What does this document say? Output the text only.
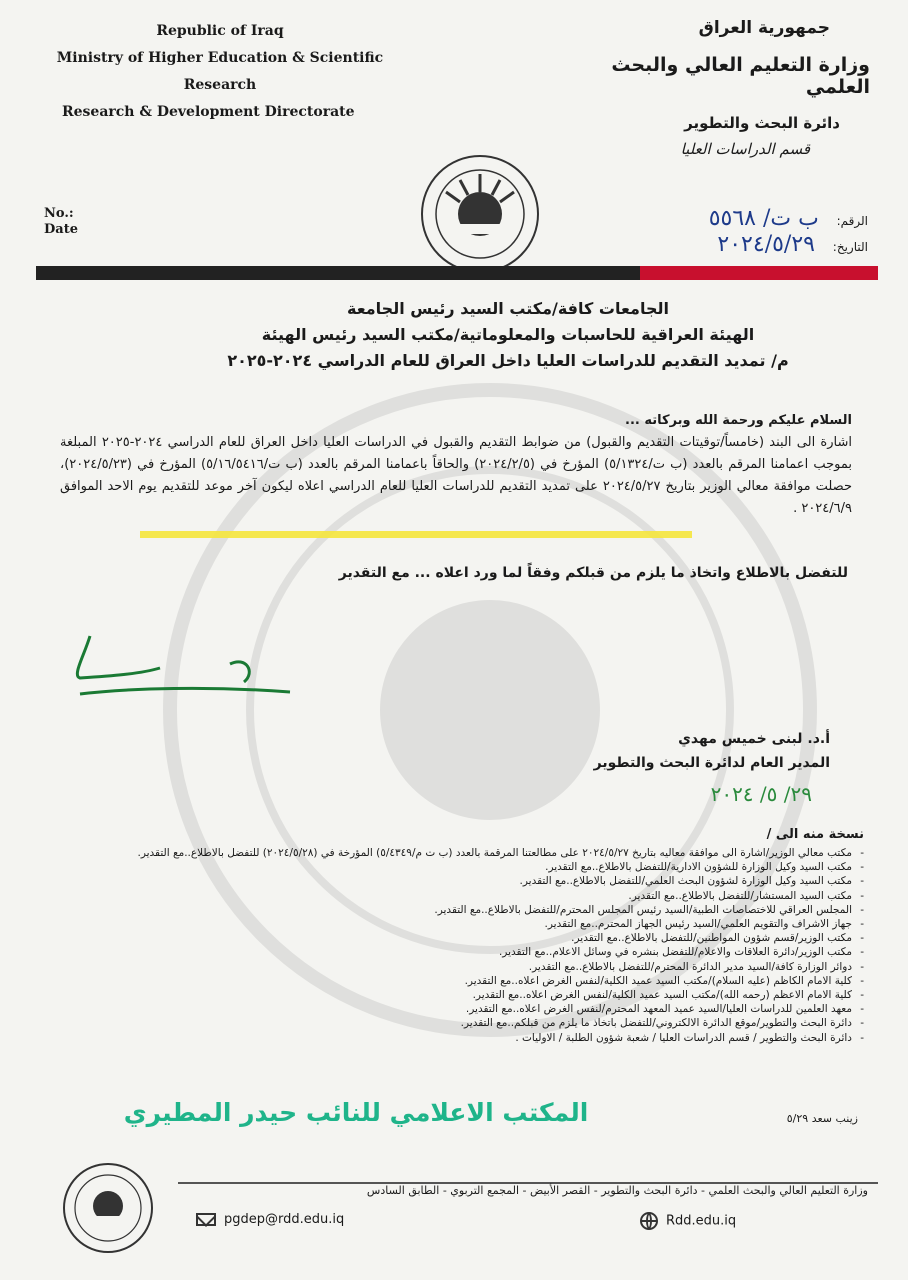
Republic of Iraq
Ministry of Higher Education & Scientific
Research
Research & Development Directorate
No.:
Date
جمهورية العراق
وزارة التعليم العالي والبحث العلمي
دائرة البحث والتطوير
قسم الدراسات العليا
الرقم: ب ت/ ٥٥٦٨
التاريخ: ٢٠٢٤/٥/٢٩
الجامعات كافة/مكتب السيد رئيس الجامعة
الهيئة العراقية للحاسبات والمعلوماتية/مكتب السيد رئيس الهيئة
م/ تمديد التقديم للدراسات العليا داخل العراق للعام الدراسي ٢٠٢٤-٢٠٢٥

السلام عليكم ورحمة الله وبركاته ...

اشارة الى البند (خامساً/توقيتات التقديم والقبول) من ضوابط التقديم والقبول في الدراسات العليا داخل العراق للعام الدراسي ٢٠٢٤-٢٠٢٥ المبلغة بموجب اعمامنا المرقم بالعدد (ب ت/٥/١٣٢٤) المؤرخ في (٢٠٢٤/٢/٥) والحاقاً باعمامنا المرقم بالعدد (ب ت/٥/١٦/٥٤١٦) المؤرخ في (٢٠٢٤/٥/٢٣)، حصلت موافقة معالي الوزير بتاريخ ٢٠٢٤/٥/٢٧ على تمديد التقديم للدراسات العليا للعام الدراسي اعلاه ليكون آخر موعد للتقديم يوم الاحد الموافق ٢٠٢٤/٦/٩ .

للتفضل بالاطلاع واتخاذ ما يلزم من قبلكم وفقاً لما ورد اعلاه ... مع التقدير
أ.د. لبنى خميس مهدي
المدير العام لدائرة البحث والتطوير
٢٩/ ٥/ ٢٠٢٤
نسخة منه الى /
- مكتب معالي الوزير/اشارة الى موافقة معاليه بتاريخ ٢٠٢٤/٥/٢٧ على مطالعتنا المرقمة بالعدد (ب ت م/٥/٤٣٤٩) المؤرخة في (٢٠٢٤/٥/٢٨) للتفضل بالاطلاع..مع التقدير.
- مكتب السيد وكيل الوزارة للشؤون الادارية/للتفضل بالاطلاع..مع التقدير.
- مكتب السيد وكيل الوزارة لشؤون البحث العلمي/للتفضل بالاطلاع..مع التقدير.
- مكتب السيد المستشار/للتفضل بالاطلاع..مع التقدير.
- المجلس العراقي للاختصاصات الطبية/السيد رئيس المجلس المحترم/للتفضل بالاطلاع..مع التقدير.
- جهاز الاشراف والتقويم العلمي/السيد رئيس الجهاز المحترم..مع التقدير.
- مكتب الوزير/قسم شؤون المواطنين/للتفضل بالاطلاع..مع التقدير.
- مكتب الوزير/دائرة العلاقات والاعلام/للتفضل بنشره في وسائل الاعلام..مع التقدير.
- دوائر الوزارة كافة/السيد مدير الدائرة المحترم/للتفضل بالاطلاع..مع التقدير.
- كلية الامام الكاظم (عليه السلام)/مكتب السيد عميد الكلية/لنفس الغرض اعلاه..مع التقدير.
- كلية الامام الاعظم (رحمه الله)/مكتب السيد عميد الكلية/لنفس الغرض اعلاه..مع التقدير.
- معهد العلمين للدراسات العليا/السيد عميد المعهد المحترم/لنفس الغرض اعلاه..مع التقدير.
- دائرة البحث والتطوير/موقع الدائرة الالكتروني/للتفضل باتخاذ ما يلزم من قبلكم..مع التقدير.
- دائرة البحث والتطوير / قسم الدراسات العليا / شعبة شؤون الطلبة / الاوليات .
المكتب الاعلامي للنائب حيدر المطيري	زينب سعد ٥/٢٩
وزارة التعليم العالي والبحث العلمي - دائرة البحث والتطوير - القصر الأبيض - المجمع التربوي - الطابق السادس
pgdep@rdd.edu.iq	Rdd.edu.iq
